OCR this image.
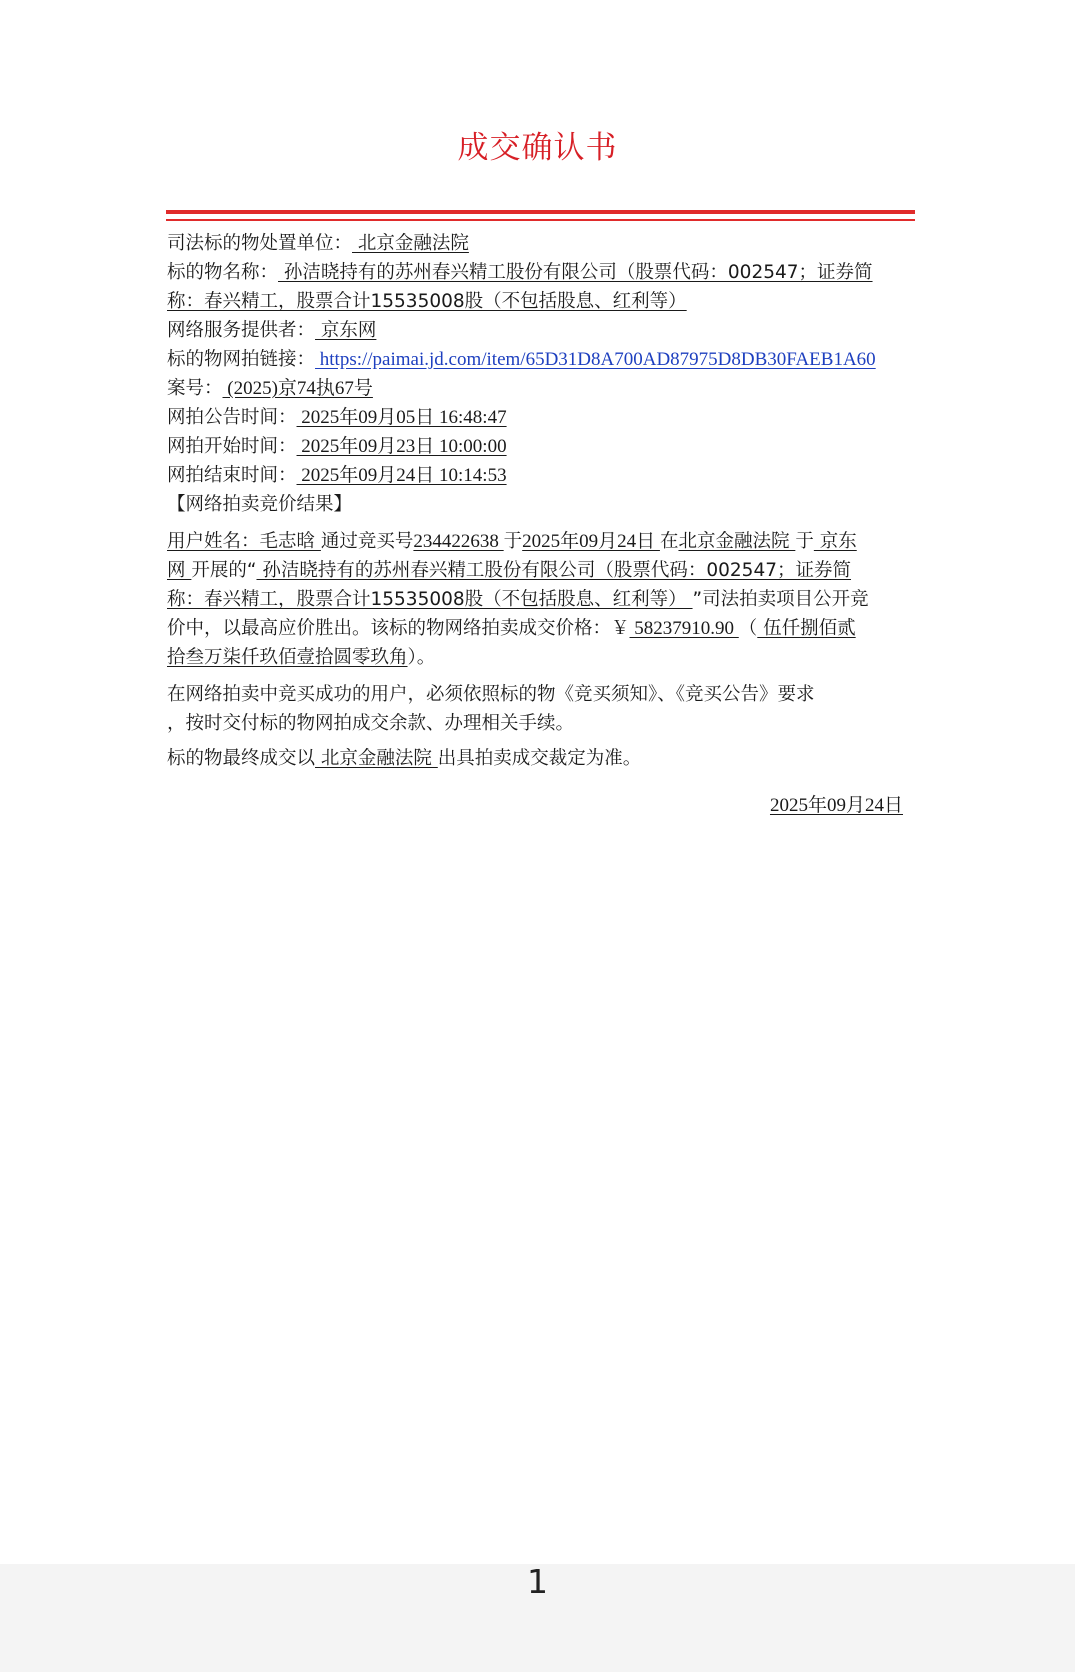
成交确认书
司法标的物处置单位： 北京金融法院
标的物名称： 孙洁晓持有的苏州春兴精工股份有限公司（股票代码：002547；证券简
称：春兴精工，股票合计15535008股（不包括股息、红利等）
网络服务提供者： 京东网
标的物网拍链接： https://paimai.jd.com/item/65D31D8A700AD87975D8DB30FAEB1A60
案号： (2025)京74执67号
网拍公告时间： 2025年09月05日 16:48:47
网拍开始时间： 2025年09月23日 10:00:00
网拍结束时间： 2025年09月24日 10:14:53
【网络拍卖竞价结果】
用户姓名：毛志晗 通过竞买号234422638 于2025年09月24日 在北京金融法院 于 京东
网 开展的“ 孙洁晓持有的苏州春兴精工股份有限公司（股票代码：002547；证券简
称：春兴精工，股票合计15535008股（不包括股息、红利等） ”司法拍卖项目公开竞
价中，以最高应价胜出。该标的物网络拍卖成交价格：￥ 58237910.90 （ 伍仟捌佰贰
拾叁万柒仟玖佰壹拾圆零玖角）。
在网络拍卖中竞买成功的用户，必须依照标的物《竞买须知》、《竞买公告》要求
，按时交付标的物网拍成交余款、办理相关手续。
标的物最终成交以 北京金融法院 出具拍卖成交裁定为准。
2025年09月24日
1
